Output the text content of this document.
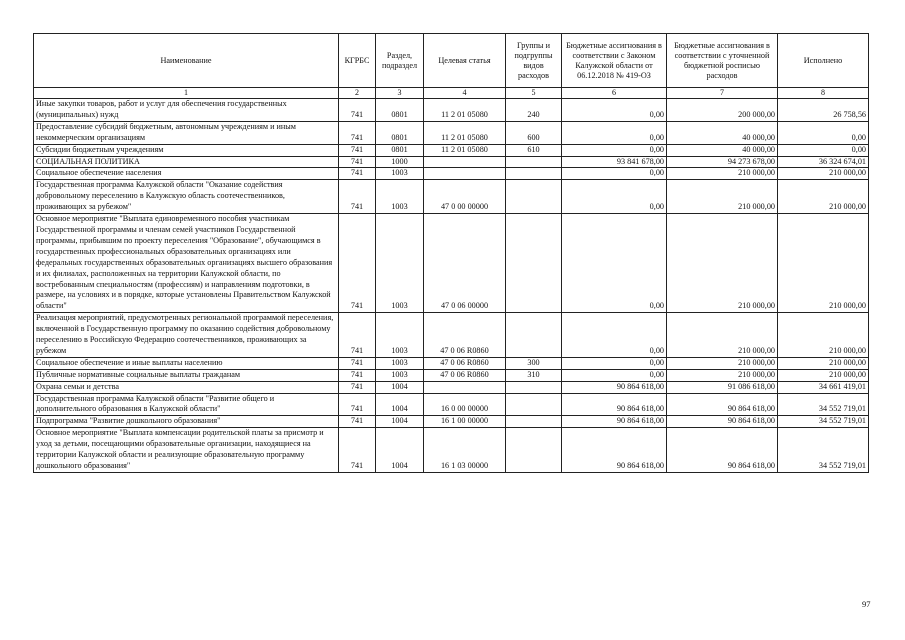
Наименование	КГРБС	Раздел, подраздел	Целевая статья	Группы и подгруппы видов расходов	Бюджетные ассигнования в соответствии с Законом Калужской области от 06.12.2018 № 419-ОЗ	Бюджетные ассигнования в соответствии с уточненной бюджетной росписью расходов	Исполнено
1	2	3	4	5	6	7	8
Иные закупки товаров, работ и услуг для обеспечения государственных (муниципальных) нужд	741	0801	11 2 01 05080	240	0,00	200 000,00	26 758,56
Предоставление субсидий бюджетным, автономным учреждениям и иным некоммерческим организациям	741	0801	11 2 01 05080	600	0,00	40 000,00	0,00
Субсидии бюджетным учреждениям	741	0801	11 2 01 05080	610	0,00	40 000,00	0,00
СОЦИАЛЬНАЯ ПОЛИТИКА	741	1000			93 841 678,00	94 273 678,00	36 324 674,01
Социальное обеспечение населения	741	1003			0,00	210 000,00	210 000,00
Государственная программа Калужской области "Оказание содействия добровольному переселению в Калужскую область соотечественников, проживающих за рубежом"	741	1003	47 0 00 00000		0,00	210 000,00	210 000,00
Основное мероприятие "Выплата единовременного пособия участникам Государственной программы и членам семей участников Государственной программы, прибывшим по проекту переселения "Образование", обучающимся в государственных профессиональных образовательных организациях или федеральных государственных образовательных организациях высшего образования и их филиалах, расположенных на территории Калужской области, по востребованным специальностям (профессиям) и направлениям подготовки, в размере, на условиях и в порядке, которые установлены Правительством Калужской области"	741	1003	47 0 06 00000		0,00	210 000,00	210 000,00
Реализация мероприятий, предусмотренных региональной программой переселения, включенной в Государственную программу по оказанию содействия добровольному переселению в Российскую Федерацию соотечественников, проживающих за рубежом	741	1003	47 0 06 R0860		0,00	210 000,00	210 000,00
Социальное обеспечение и иные выплаты населению	741	1003	47 0 06 R0860	300	0,00	210 000,00	210 000,00
Публичные нормативные социальные выплаты гражданам	741	1003	47 0 06 R0860	310	0,00	210 000,00	210 000,00
Охрана семьи и детства	741	1004			90 864 618,00	91 086 618,00	34 661 419,01
Государственная программа Калужской области "Развитие общего и дополнительного образования в Калужской области"	741	1004	16 0 00 00000		90 864 618,00	90 864 618,00	34 552 719,01
Подпрограмма "Развитие дошкольного образования"	741	1004	16 1 00 00000		90 864 618,00	90 864 618,00	34 552 719,01
Основное мероприятие "Выплата компенсации родительской платы за присмотр и уход за детьми, посещающими образовательные организации, находящиеся на территории Калужской области и реализующие образовательную программу дошкольного образования"	741	1004	16 1 03 00000		90 864 618,00	90 864 618,00	34 552 719,01
97
